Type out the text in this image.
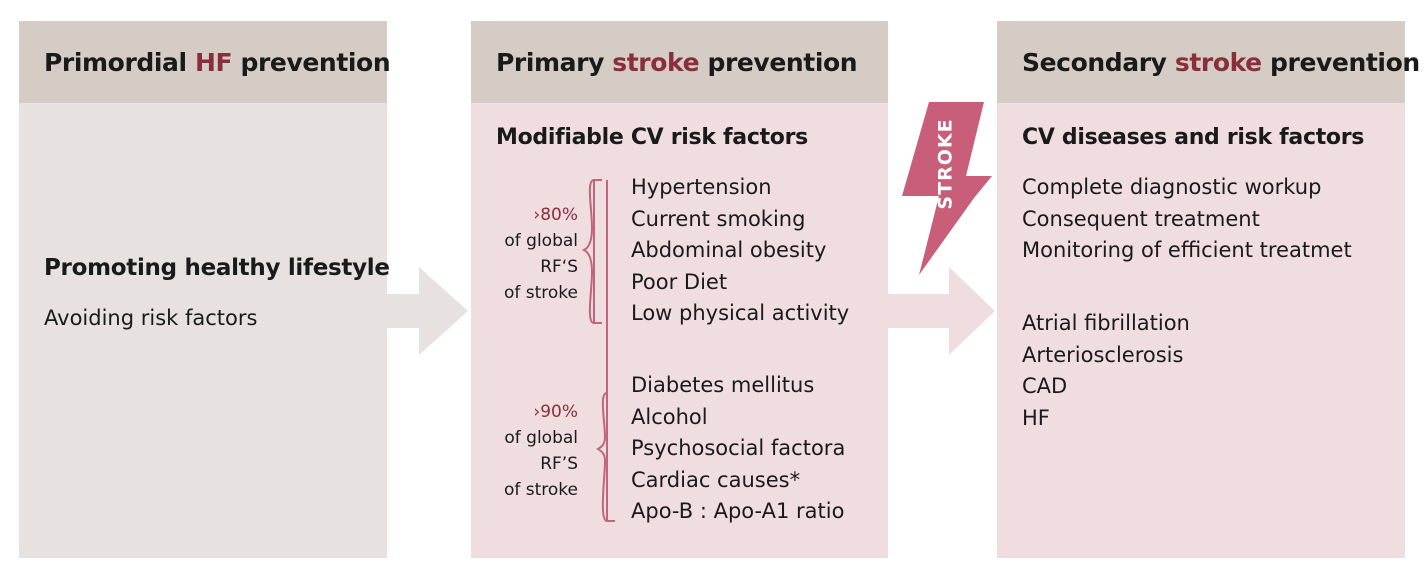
Primordial HF prevention
Promoting healthy lifestyle
Avoiding risk factors
Primary stroke prevention
Modifiable CV risk factors
›80%
of global
RF‘S
of stroke
›90%
of global
RF’S
of stroke
Hypertension
Current smoking
Abdominal obesity
Poor Diet
Low physical activity
Diabetes mellitus
Alcohol
Psychosocial factora
Cardiac causes*
Apo-B : Apo-A1 ratio
Secondary stroke prevention
CV diseases and risk factors
Complete diagnostic workup
Consequent treatment
Monitoring of efficient treatmet
Atrial fibrillation
Arteriosclerosis
CAD
HF
STROKE
